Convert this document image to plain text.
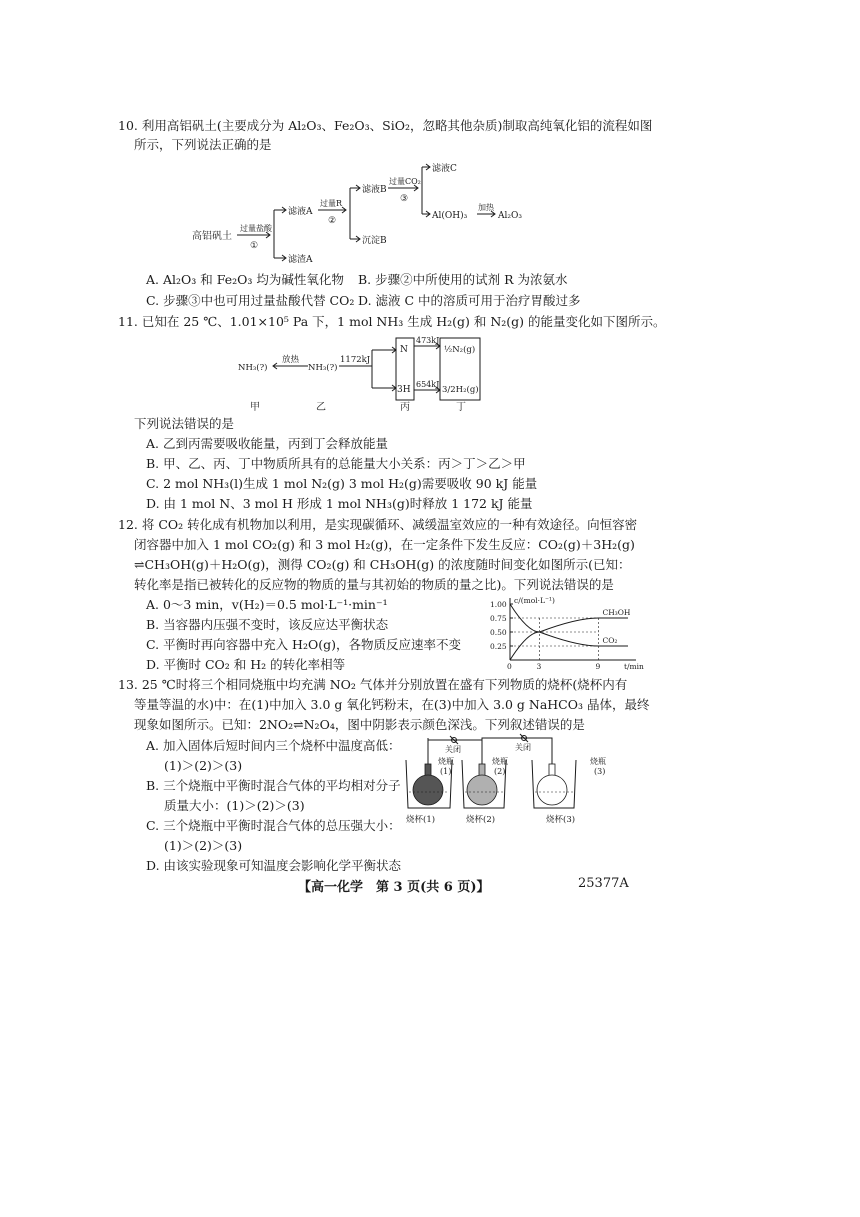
10. 利用高铝矾土(主要成分为 Al₂O₃、Fe₂O₃、SiO₂，忽略其他杂质)制取高纯氧化铝的流程如图
所示，下列说法正确的是
高铝矾土
过量盐酸
①
滤液A
滤渣A
过量R
②
滤液B
沉淀B
过量CO₂
③
滤液C
Al(OH)₃
加热
Al₂O₃
A. Al₂O₃ 和 Fe₂O₃ 均为碱性氧化物 B. 步骤②中所使用的试剂 R 为浓氨水
C. 步骤③中也可用过量盐酸代替 CO₂ D. 滤液 C 中的溶质可用于治疗胃酸过多
11. 已知在 25 ℃、1.01×10⁵ Pa 下，1 mol NH₃ 生成 H₂(g) 和 N₂(g) 的能量变化如下图所示。
NH₃(?)
放热
NH₃(?)
1172kJ
N
3H
473kJ
654kJ
½N₂(g)
3/2H₂(g)
甲	乙	丙	丁
下列说法错误的是
A. 乙到丙需要吸收能量，丙到丁会释放能量
B. 甲、乙、丙、丁中物质所具有的总能量大小关系：丙＞丁＞乙＞甲
C. 2 mol NH₃(l)生成 1 mol N₂(g) 3 mol H₂(g)需要吸收 90 kJ 能量
D. 由 1 mol N、3 mol H 形成 1 mol NH₃(g)时释放 1 172 kJ 能量
12. 将 CO₂ 转化成有机物加以利用，是实现碳循环、减缓温室效应的一种有效途径。向恒容密
闭容器中加入 1 mol CO₂(g) 和 3 mol H₂(g)，在一定条件下发生反应：CO₂(g)＋3H₂(g)
⇌CH₃OH(g)＋H₂O(g)，测得 CO₂(g) 和 CH₃OH(g) 的浓度随时间变化如图所示(已知：
转化率是指已被转化的反应物的物质的量与其初始的物质的量之比)。下列说法错误的是
A. 0～3 min，v(H₂)＝0.5 mol·L⁻¹·min⁻¹
B. 当容器内压强不变时，该反应达平衡状态
C. 平衡时再向容器中充入 H₂O(g)，各物质反应速率不变
D. 平衡时 CO₂ 和 H₂ 的转化率相等
1.00
0.75
0.50
0.25
0	3	9
c/(mol·L⁻¹)
t/min
CH₃OH
CO₂
13. 25 ℃时将三个相同烧瓶中均充满 NO₂ 气体并分别放置在盛有下列物质的烧杯(烧杯内有
等量等温的水)中：在(1)中加入 3.0 g 氧化钙粉末，在(3)中加入 3.0 g NaHCO₃ 晶体，最终
现象如图所示。已知：2NO₂⇌N₂O₄，图中阴影表示颜色深浅。下列叙述错误的是
A. 加入固体后短时间内三个烧杯中温度高低：
(1)＞(2)＞(3)
B. 三个烧瓶中平衡时混合气体的平均相对分子
质量大小：(1)＞(2)＞(3)
C. 三个烧瓶中平衡时混合气体的总压强大小：
(1)＞(2)＞(3)
D. 由该实验现象可知温度会影响化学平衡状态
关闭	关闭
烧瓶
(1)
烧瓶
(2)
烧瓶
(3)
烧杯(1)	烧杯(2)	烧杯(3)
【高一化学　第 3 页(共 6 页)】	25377A
